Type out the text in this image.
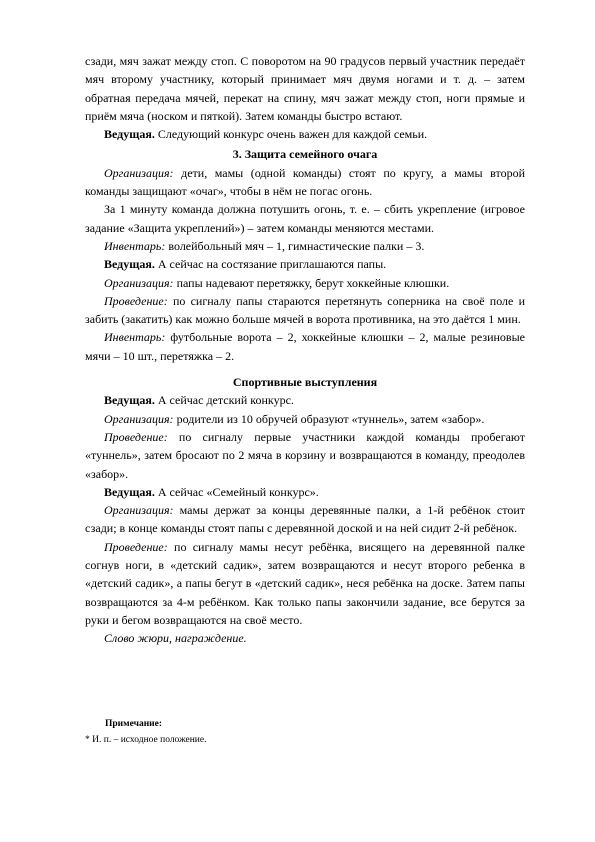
сзади, мяч зажат между стоп. С поворотом на 90 градусов первый участник передаёт мяч второму участнику, который принимает мяч двумя ногами и т. д. – затем обратная передача мячей, перекат на спину, мяч зажат между стоп, ноги прямые и приём мяча (носком и пяткой). Затем команды быстро встают.

Ведущая. Следующий конкурс очень важен для каждой семьи.

3. Защита семейного очага

Организация: дети, мамы (одной команды) стоят по кругу, а мамы второй команды защищают «очаг», чтобы в нём не погас огонь.

За 1 минуту команда должна потушить огонь, т. е. – сбить укрепление (игровое задание «Защита укреплений») – затем команды меняются местами.

Инвентарь: волейбольный мяч – 1, гимнастические палки – 3.

Ведущая. А сейчас на состязание приглашаются папы.

Организация: папы надевают перетяжку, берут хоккейные клюшки.

Проведение: по сигналу папы стараются перетянуть соперника на своё поле и забить (закатить) как можно больше мячей в ворота противника, на это даётся 1 мин.

Инвентарь: футбольные ворота – 2, хоккейные клюшки – 2, малые резиновые мячи – 10 шт., перетяжка – 2.

Спортивные выступления

Ведущая. А сейчас детский конкурс.

Организация: родители из 10 обручей образуют «туннель», затем «забор».

Проведение: по сигналу первые участники каждой команды пробегают «туннель», затем бросают по 2 мяча в корзину и возвращаются в команду, преодолев «забор».

Ведущая. А сейчас «Семейный конкурс».

Организация: мамы держат за концы деревянные палки, а 1-й ребёнок стоит сзади; в конце команды стоят папы с деревянной доской и на ней сидит 2-й ребёнок.

Проведение: по сигналу мамы несут ребёнка, висящего на деревянной палке согнув ноги, в «детский садик», затем возвращаются и несут второго ребенка в «детский садик», а папы бегут в «детский садик», неся ребёнка на доске. Затем папы возвращаются за 4-м ребёнком. Как только папы закончили задание, все берутся за руки и бегом возвращаются на своё место.

Слово жюри, награждение.

Примечание:
* И. п. – исходное положение.
